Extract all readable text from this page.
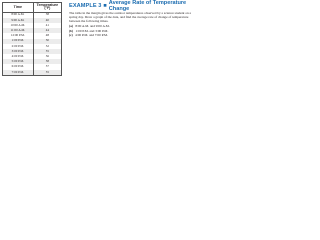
Time	Temperature (°F)
8:00 A.M.	38
9:00 A.M.	40
10:00 A.M.	41
11:00 A.M.	44
12:00 P.M.	48
1:00 P.M.	50
2:00 P.M.	52
3:00 P.M.	55
4:00 P.M.	56
5:00 P.M.	58
6:00 P.M.	57
7:00 P.M.	55
EXAMPLE 3 ■ Average Rate of Temperature Change
The table in the margin gives the outdoor temperatures observed by a science student on a spring day. Draw a graph of the data, and find the average rate of change of temperature between the following times.
(a) 8:00 A.M. and 9:00 A.M.
(b) 1:00 P.M. and 3:00 P.M.
(c) 4:00 P.M. and 7:00 P.M.
